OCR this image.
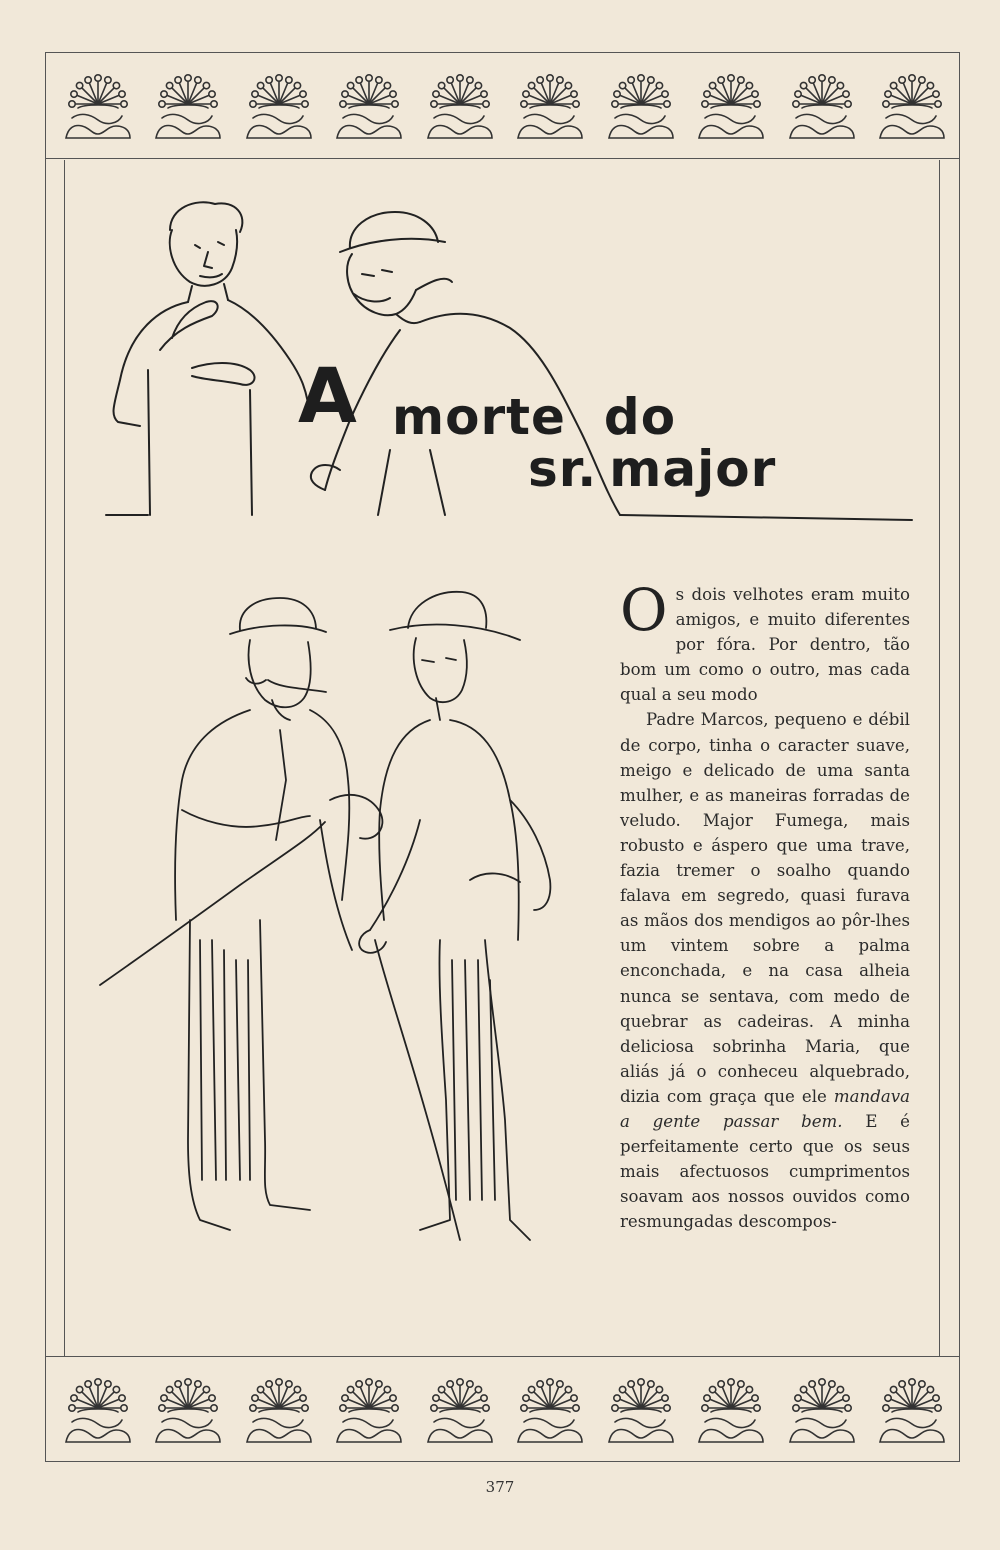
A morte do
sr. major

Os dois velhotes eram muito amigos, e muito diferentes por fóra. Por dentro, tão bom um como o outro, mas cada qual a seu modo

Padre Marcos, pequeno e débil de corpo, tinha o caracter suave, meigo e delicado de uma santa mulher, e as maneiras forradas de veludo. Major Fumega, mais robusto e áspero que uma trave, fazia tremer o soalho quando falava em segredo, quasi furava as mãos dos mendigos ao pôr-lhes um vintem sobre a palma enconchada, e na casa alheia nunca se sentava, com medo de quebrar as cadeiras. A minha deliciosa sobrinha Maria, que aliás já o conheceu alquebrado, dizia com graça que ele mandava a gente passar bem. E é perfeitamente certo que os seus mais afectuosos cumprimentos soavam aos nossos ouvidos como resmungadas descompos-

377
